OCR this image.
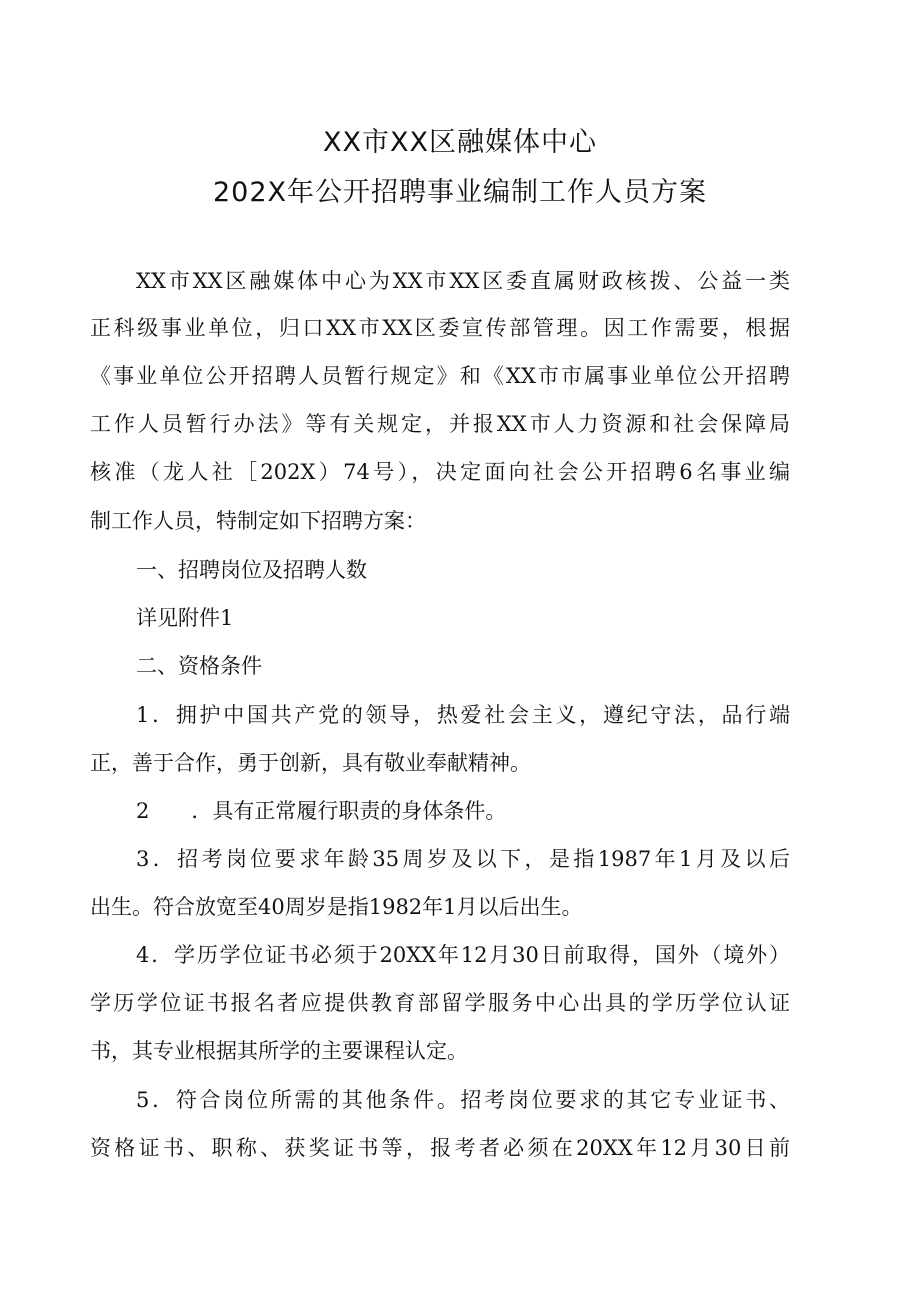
XX市XX区融媒体中心
202X年公开招聘事业编制工作人员方案
XX市XX区融媒体中心为XX市XX区委直属财政核拨、公益一类
正科级事业单位，归口XX市XX区委宣传部管理。因工作需要，根据
《事业单位公开招聘人员暂行规定》和《XX市市属事业单位公开招聘
工作人员暂行办法》等有关规定，并报XX市人力资源和社会保障局
核准（龙人社［202X）74号），决定面向社会公开招聘6名事业编
制工作人员，特制定如下招聘方案：
一、招聘岗位及招聘人数
详见附件1
二、资格条件
1．拥护中国共产党的领导，热爱社会主义，遵纪守法，品行端
正，善于合作，勇于创新，具有敬业奉献精神。
2　　．具有正常履行职责的身体条件。
3．招考岗位要求年龄35周岁及以下，是指1987年1月及以后
出生。符合放宽至40周岁是指1982年1月以后出生。
4．学历学位证书必须于20XX年12月30日前取得，国外（境外）
学历学位证书报名者应提供教育部留学服务中心出具的学历学位认证
书，其专业根据其所学的主要课程认定。
5．符合岗位所需的其他条件。招考岗位要求的其它专业证书、
资格证书、职称、获奖证书等，报考者必须在20XX年12月30日前
